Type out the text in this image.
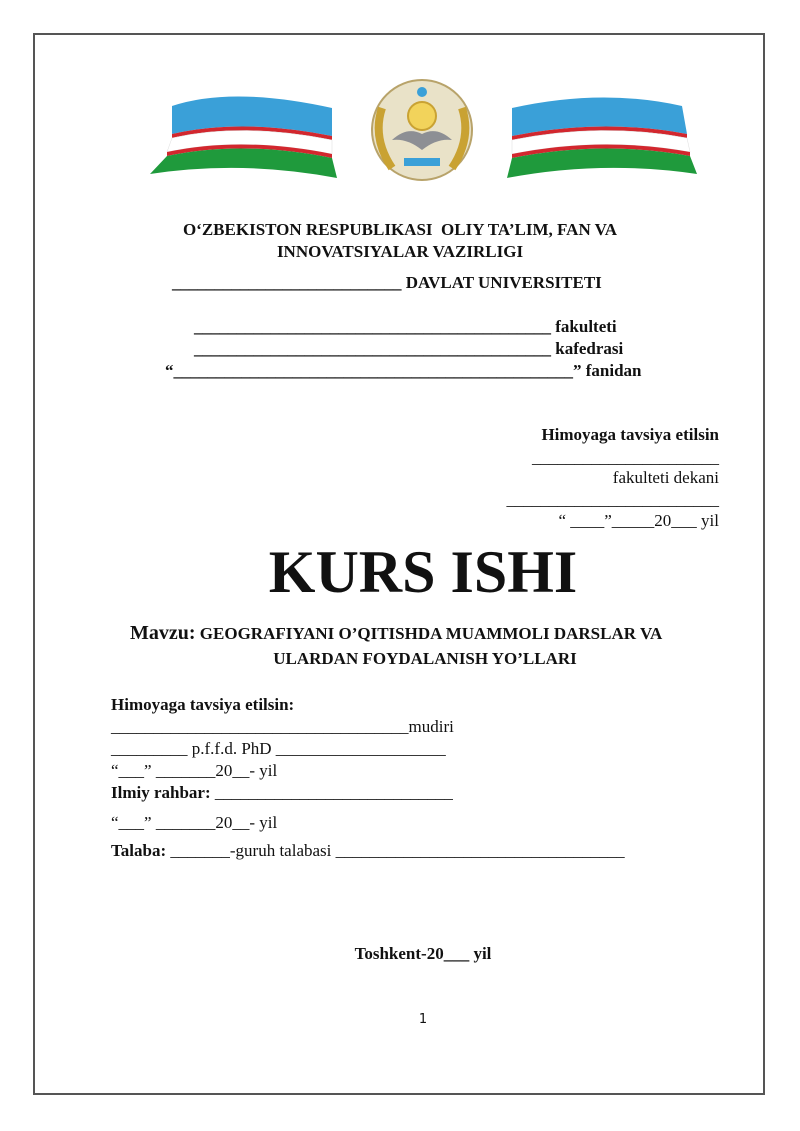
O‘ZBEKISTON RESPUBLIKASI  OLIY TA’LIM, FAN VA
INNOVATSIYALAR VAZIRLIGI
___________________________ DAVLAT UNIVERSITETI
__________________________________________ fakulteti
__________________________________________ kafedrasi
“_______________________________________________” fanidan
Himoyaga tavsiya etilsin
______________________
fakulteti dekani
_________________________
“ ____”_____20___ yil
KURS ISHI
Mavzu: GEOGRAFIYANI O’QITISHDA MUAMMOLI DARSLAR VA
ULARDAN FOYDALANISH YO’LLARI
Himoyaga tavsiya etilsin:
___________________________________mudiri
_________ p.f.f.d. PhD ____________________
“___” _______20__- yil
Ilmiy rahbar: ____________________________
“___” _______20__- yil
Talaba: _______-guruh talabasi __________________________________
Toshkent-20___ yil
1
